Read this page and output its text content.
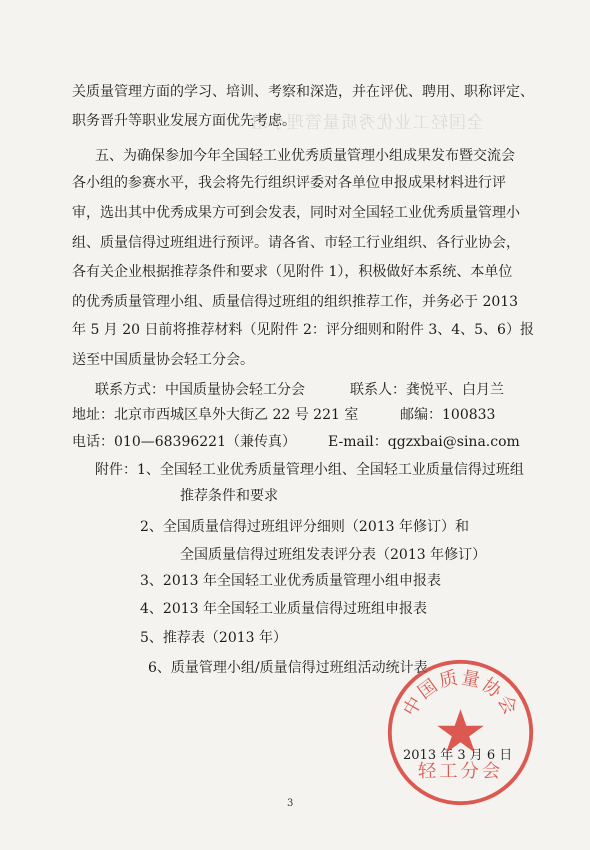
全国轻工业优秀质量管理小组
关质量管理方面的学习、培训、考察和深造，并在评优、聘用、职称评定、
职务晋升等职业发展方面优先考虑。
五、为确保参加今年全国轻工业优秀质量管理小组成果发布暨交流会
各小组的参赛水平，我会将先行组织评委对各单位申报成果材料进行评
审，选出其中优秀成果方可到会发表，同时对全国轻工业优秀质量管理小
组、质量信得过班组进行预评。请各省、市轻工行业组织、各行业协会，
各有关企业根据推荐条件和要求（见附件 1），积极做好本系统、本单位
的优秀质量管理小组、质量信得过班组的组织推荐工作，并务必于 2013
年 5 月 20 日前将推荐材料（见附件 2：评分细则和附件 3、4、5、6）报
送至中国质量协会轻工分会。
联系方式：中国质量协会轻工分会	联系人：龚悦平、白月兰
地址：北京市西城区阜外大街乙 22 号 221 室	邮编：100833
电话：010—68396221（兼传真） E-mail：qgzxbai@sina.com
附件：1、全国轻工业优秀质量管理小组、全国轻工业质量信得过班组
推荐条件和要求
2、全国质量信得过班组评分细则（2013 年修订）和
全国质量信得过班组发表评分表（2013 年修订）
3、2013 年全国轻工业优秀质量管理小组申报表
4、2013 年全国轻工业质量信得过班组申报表
5、推荐表（2013 年）
6、质量管理小组/质量信得过班组活动统计表
2013 年 3 月 6 日
中国质量协会
轻工分会
3
